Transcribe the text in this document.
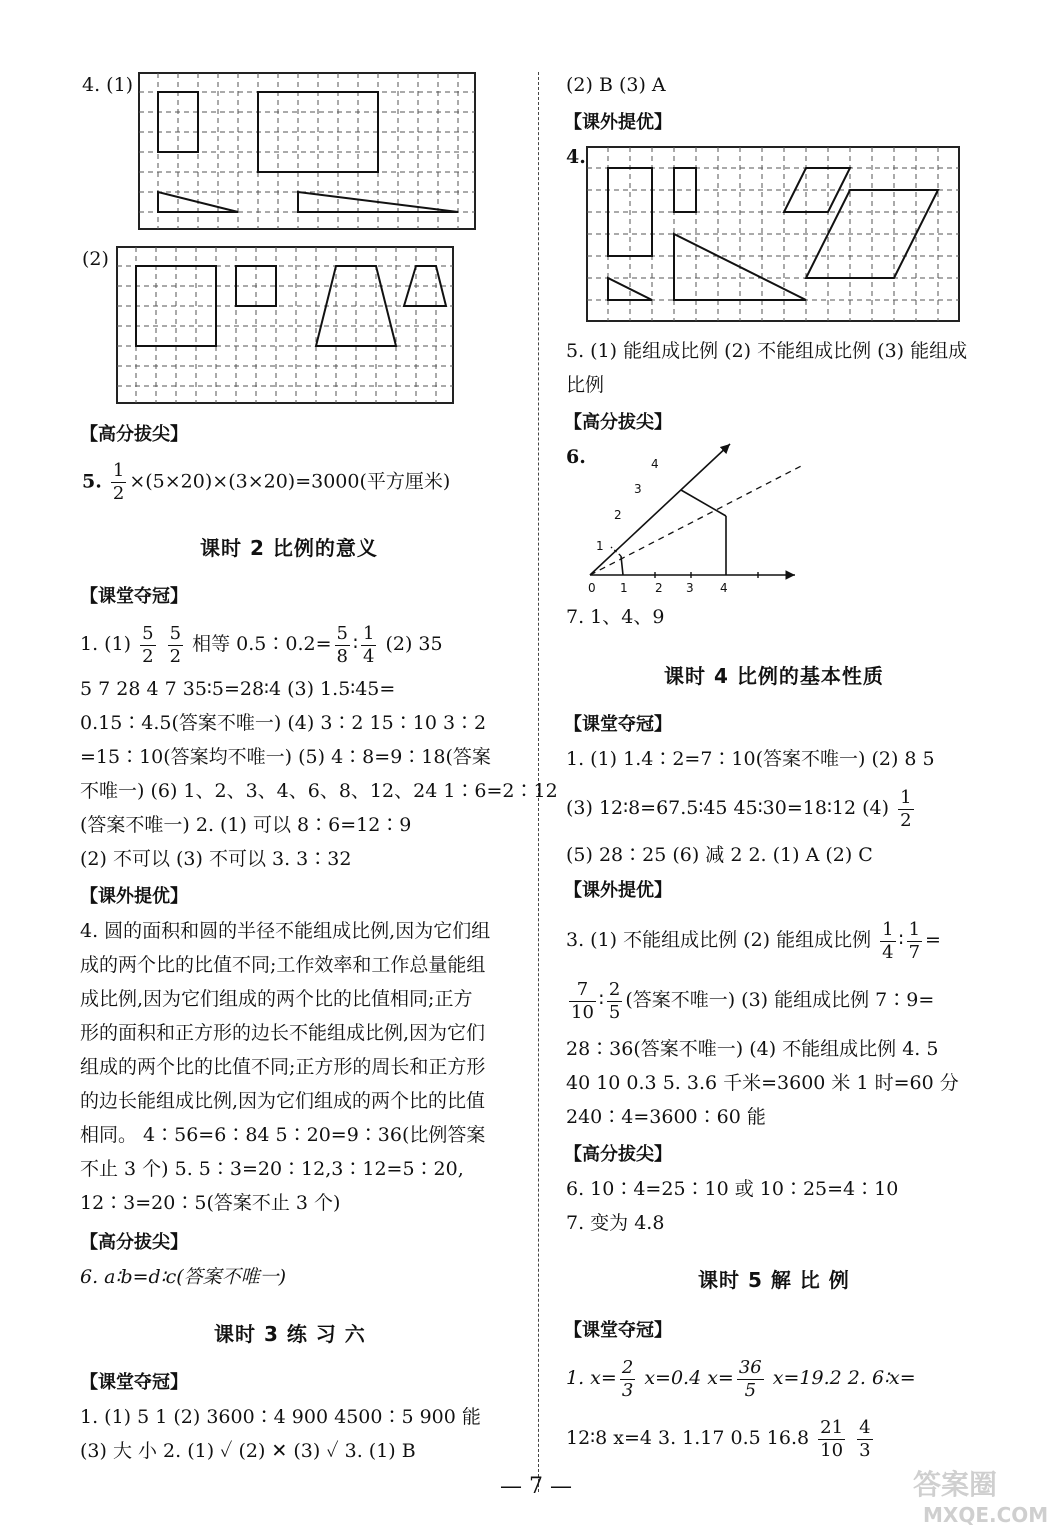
4. (1)
(2)
【高分拔尖】
5. $\frac{1}{2} \times(5\times 20)\times(3\times 20)=3000$(平方厘米)
课时 2 比例的意义
【课堂夺冠】
1. $(1) \frac{5}{2}$
$\frac{5}{2}$ 相等 0.5∶0.2= $\frac{5}{8}$ ∶ $\frac{1}{4} (2)$ 35
5 7 28 4 7 35∶5=28∶4 (3) 1.5∶45=
0.15∶4.5(答案不唯一) (4) 3∶2 15∶10 3∶2
=15∶10(答案均不唯一) (5) 4∶8=9∶18(答案
不唯一) (6) 1、2、3、4、6、8、12、24 1∶6=2∶12
(答案不唯一) 2. (1) 可以 8∶6=12∶9
(2) 不可以 (3) 不可以 3. 3∶32
【课外提优】
4. 圆的面积和圆的半径不能组成比例,因为它们组
成的两个比的比值不同;工作效率和工作总量能组
成比例,因为它们组成的两个比的比值相同;正方
形的面积和正方形的边长不能组成比例,因为它们
组成的两个比的比值不同;正方形的周长和正方形
的边长能组成比例,因为它们组成的两个比的比值
相同。 4∶56=6∶84 5∶20=9∶36(比例答案
不止 3 个) 5. 5∶3=20∶12,3∶12=5∶20,
12∶3=20∶5(答案不止 3 个)
【高分拔尖】
6. a∶b=d∶c(答案不唯一)
课时 3 练 习 六
【课堂夺冠】
1. (1) 5 1 (2) 3600∶4 900 4500∶5 900 能
(3) 大 小 2. (1) ✓ (2) ✕ (3) ✓ 3. (1) B
(2) B (3) A
【课外提优】
4.
5. (1) 能组成比例 (2) 不能组成比例 (3) 能组成
比例
【高分拔尖】
6.
0 1 2 3 4
1
2
3
4
7. 1、4、9
课时 4 比例的基本性质
【课堂夺冠】
1. (1) 1.4∶2=7∶10(答案不唯一) (2) 8 5
(3) 12∶8=67.5∶45 45∶30=18∶12 $(4) \frac{1}{2}$
(5) 28∶25 (6) 减 2 2. (1) A (2) C
【课外提优】
3. (1) 不能组成比例 (2) 能组成比例 $\frac{1}{4}$ ∶ $\frac{1}{7}$ =
$\frac{7}{10}$ ∶ $\frac{2}{5}$ (答案不唯一) (3) 能组成比例 7∶9=
28∶36(答案不唯一) (4) 不能组成比例 4. 5
40 10 0.3 5. 3.6 千米=3600 米 1 时=60 分
240∶4=3600∶60 能
【高分拔尖】
6. 10∶4=25∶10 或 10∶25=4∶10
7. 变为 4.8
课时 5 解 比 例
【课堂夺冠】
1. $x= \frac{2}{3} x=0.4$ $x= \frac{36}{5} x=19.2$ 2. 6∶x=
12∶8 x=4 3. 1.17 0.5 $16.8 \frac{21}{10}$
$\frac{4}{3}$
— 7 —	答案圈
MXQE.COM
